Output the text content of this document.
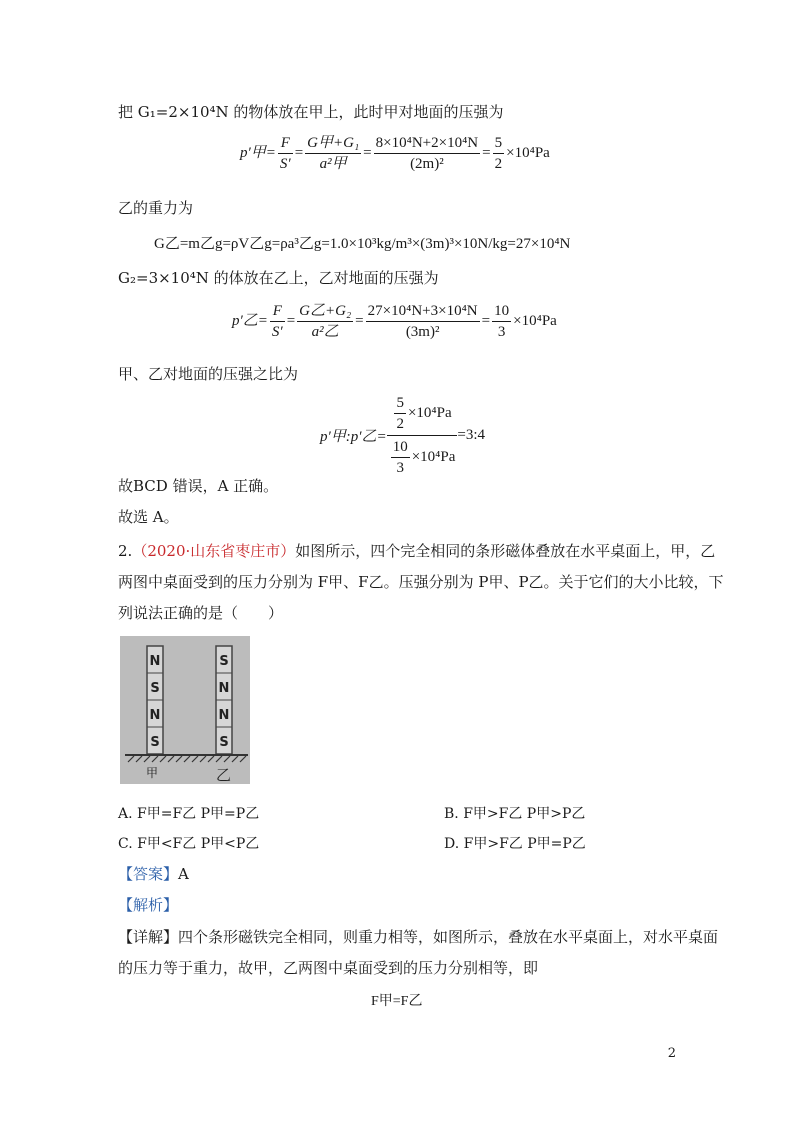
把 G₁=2×10⁴N 的物体放在甲上，此时甲对地面的压强为
p′甲= $\frac{F}{S'} = \frac{\text{G甲+G₁}}{\text{a²甲}} = \frac{\text{8×10⁴N+2×10⁴N}}{\text{(2m)²}} = \frac{5}{2} \times 10^4Pa$
乙的重力为
G乙=m乙g=ρV乙g=ρa³乙g=1.0×10³kg/m³×(3m)³×10N/kg=27×10⁴N
G₂=3×10⁴N 的体放在乙上，乙对地面的压强为
p′乙= $\frac{F}{S'} = \frac{\text{G乙+G₂}}{\text{a²乙}} = \frac{\text{27×10⁴N+3×10⁴N}}{\text{(3m)²}} = \frac{10}{3} \times 10^4Pa$
甲、乙对地面的压强之比为
p′甲:p′乙= $\frac{\frac{5}{2} \times 10^4Pa}{\frac{10}{3} \times 10^4Pa}$ =3:4
故BCD 错误，A 正确。
故选 A。
2.（2020·山东省枣庄市）如图所示，四个完全相同的条形磁体叠放在水平桌面上，甲，乙
两图中桌面受到的压力分别为 F甲、F乙。压强分别为 P甲、P乙。关于它们的大小比较，下
列说法正确的是（　　）
N
S
N
S
S
N
N
S
甲	乙
A. F甲=F乙 P甲=P乙	B. F甲>F乙 P甲>P乙
C. F甲<F乙 P甲<P乙	D. F甲>F乙 P甲=P乙
【答案】A
【解析】
【详解】四个条形磁铁完全相同，则重力相等，如图所示，叠放在水平桌面上，对水平桌面
的压力等于重力，故甲，乙两图中桌面受到的压力分别相等，即
F甲=F乙
2
